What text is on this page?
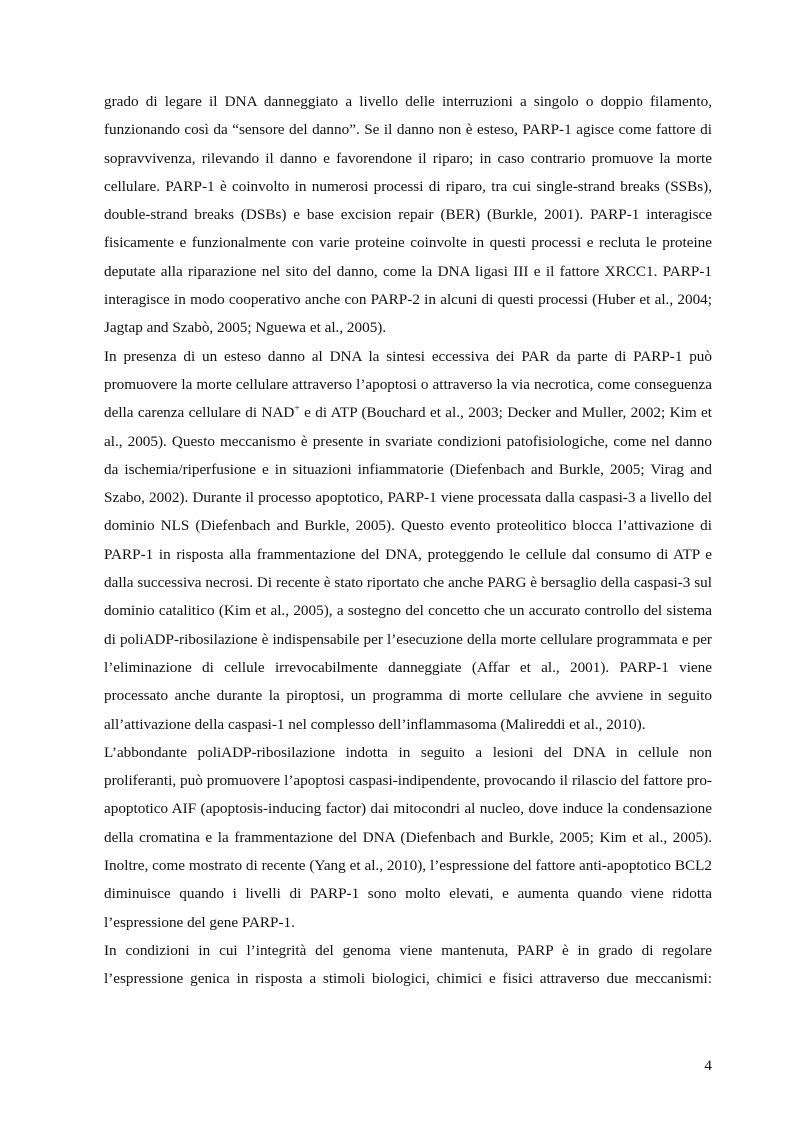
grado di legare il DNA danneggiato a livello delle interruzioni a singolo o doppio filamento, funzionando così da “sensore del danno”. Se il danno non è esteso, PARP-1 agisce come fattore di sopravvivenza, rilevando il danno e favorendone il riparo; in caso contrario promuove la morte cellulare. PARP-1 è coinvolto in numerosi processi di riparo, tra cui single-strand breaks (SSBs), double-strand breaks (DSBs) e base excision repair (BER) (Burkle, 2001). PARP-1 interagisce fisicamente e funzionalmente con varie proteine coinvolte in questi processi e recluta le proteine deputate alla riparazione nel sito del danno, come la DNA ligasi III e il fattore XRCC1. PARP-1 interagisce in modo cooperativo anche con PARP-2 in alcuni di questi processi (Huber et al., 2004; Jagtap and Szabò, 2005; Nguewa et al., 2005).

In presenza di un esteso danno al DNA la sintesi eccessiva dei PAR da parte di PARP-1 può promuovere la morte cellulare attraverso l’apoptosi o attraverso la via necrotica, come conseguenza della carenza cellulare di NAD+ e di ATP (Bouchard et al., 2003; Decker and Muller, 2002; Kim et al., 2005). Questo meccanismo è presente in svariate condizioni patofisiologiche, come nel danno da ischemia/riperfusione e in situazioni infiammatorie (Diefenbach and Burkle, 2005; Virag and Szabo, 2002). Durante il processo apoptotico, PARP-1 viene processata dalla caspasi-3 a livello del dominio NLS (Diefenbach and Burkle, 2005). Questo evento proteolitico blocca l’attivazione di PARP-1 in risposta alla frammentazione del DNA, proteggendo le cellule dal consumo di ATP e dalla successiva necrosi. Di recente è stato riportato che anche PARG è bersaglio della caspasi-3 sul dominio catalitico (Kim et al., 2005), a sostegno del concetto che un accurato controllo del sistema di poliADP-ribosilazione è indispensabile per l’esecuzione della morte cellulare programmata e per l’eliminazione di cellule irrevocabilmente danneggiate (Affar et al., 2001). PARP-1 viene processato anche durante la piroptosi, un programma di morte cellulare che avviene in seguito all’attivazione della caspasi-1 nel complesso dell’inflammasoma (Malireddi et al., 2010).

L’abbondante poliADP-ribosilazione indotta in seguito a lesioni del DNA in cellule non proliferanti, può promuovere l’apoptosi caspasi-indipendente, provocando il rilascio del fattore pro-apoptotico AIF (apoptosis-inducing factor) dai mitocondri al nucleo, dove induce la condensazione della cromatina e la frammentazione del DNA (Diefenbach and Burkle, 2005; Kim et al., 2005). Inoltre, come mostrato di recente (Yang et al., 2010), l’espressione del fattore anti-apoptotico BCL2 diminuisce quando i livelli di PARP-1 sono molto elevati, e aumenta quando viene ridotta l’espressione del gene PARP-1.

In condizioni in cui l’integrità del genoma viene mantenuta, PARP è in grado di regolare l’espressione genica in risposta a stimoli biologici, chimici e fisici attraverso due meccanismi:

4
